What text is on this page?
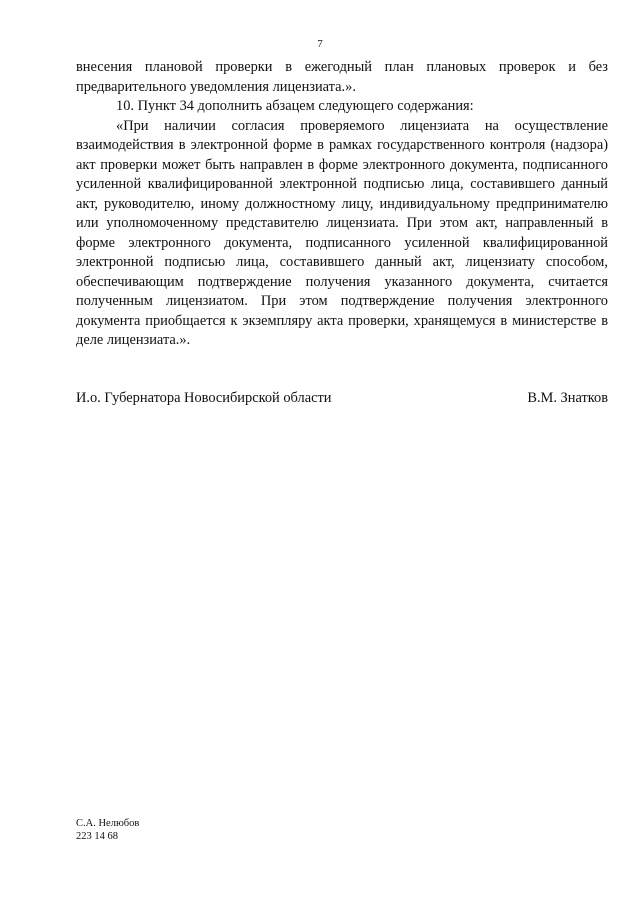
7

внесения плановой проверки в ежегодный план плановых проверок и без предварительного уведомления лицензиата.».

10. Пункт 34 дополнить абзацем следующего содержания:

«При наличии согласия проверяемого лицензиата на осуществление взаимодействия в электронной форме в рамках государственного контроля (надзора) акт проверки может быть направлен в форме электронного документа, подписанного усиленной квалифицированной электронной подписью лица, составившего данный акт, руководителю, иному должностному лицу, индивидуальному предпринимателю или уполномоченному представителю лицензиата. При этом акт, направленный в форме электронного документа, подписанного усиленной квалифицированной электронной подписью лица, составившего данный акт, лицензиату способом, обеспечивающим подтверждение получения указанного документа, считается полученным лицензиатом. При этом подтверждение получения электронного документа приобщается к экземпляру акта проверки, хранящемуся в министерстве в деле лицензиата.».

И.о. Губернатора Новосибирской области	В.М. Знатков
С.А. Нелюбов
223 14 68
